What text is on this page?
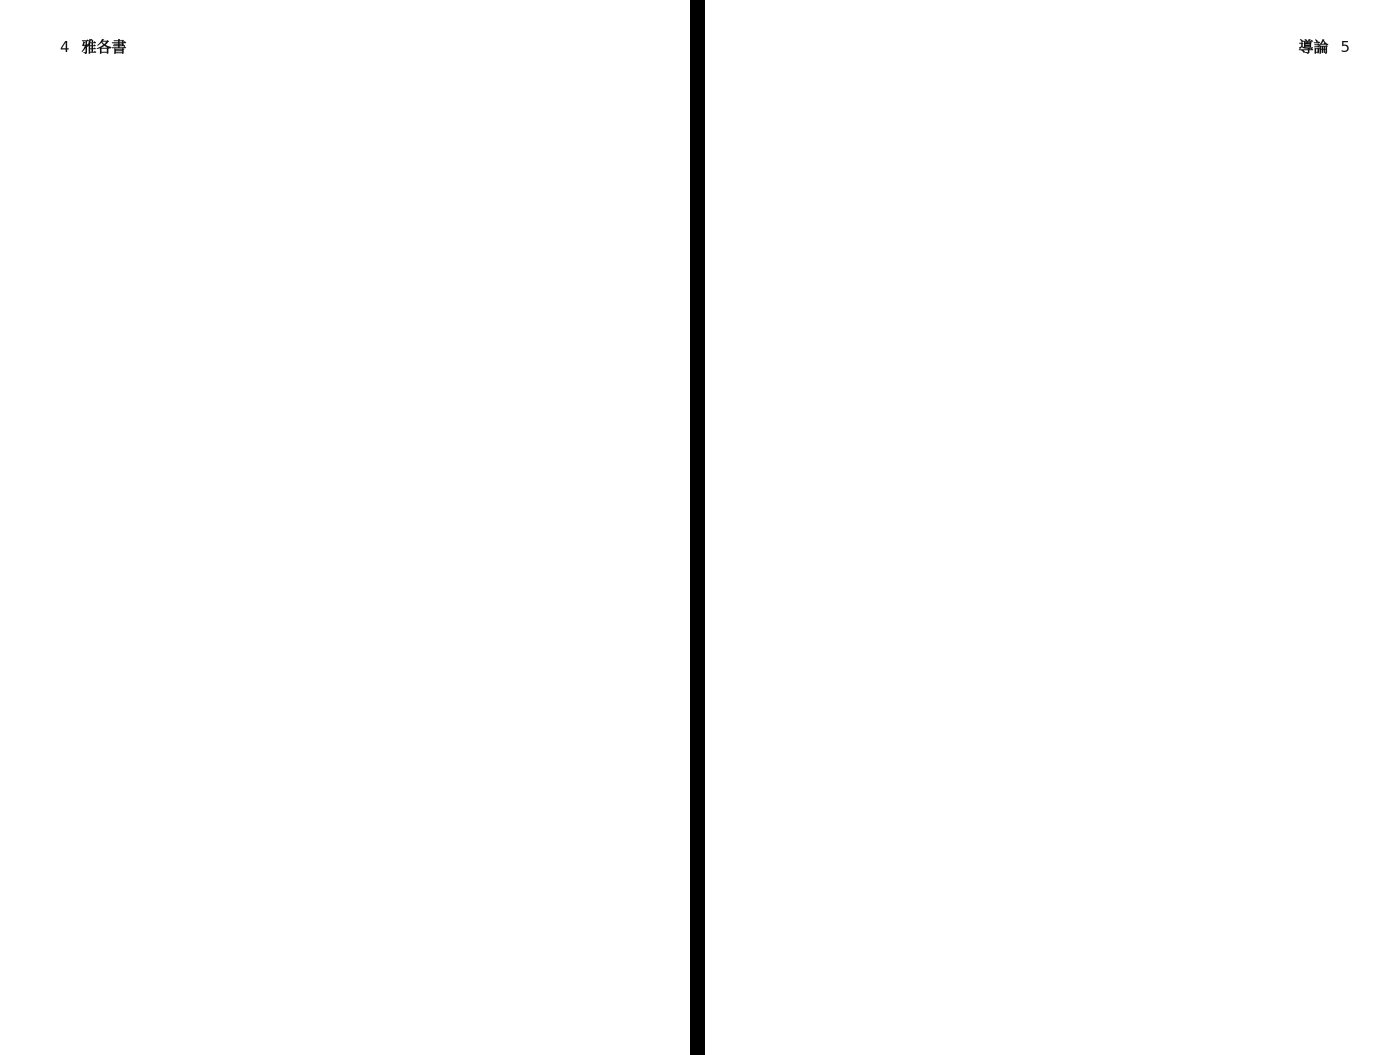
4 雅各書	導論 5
